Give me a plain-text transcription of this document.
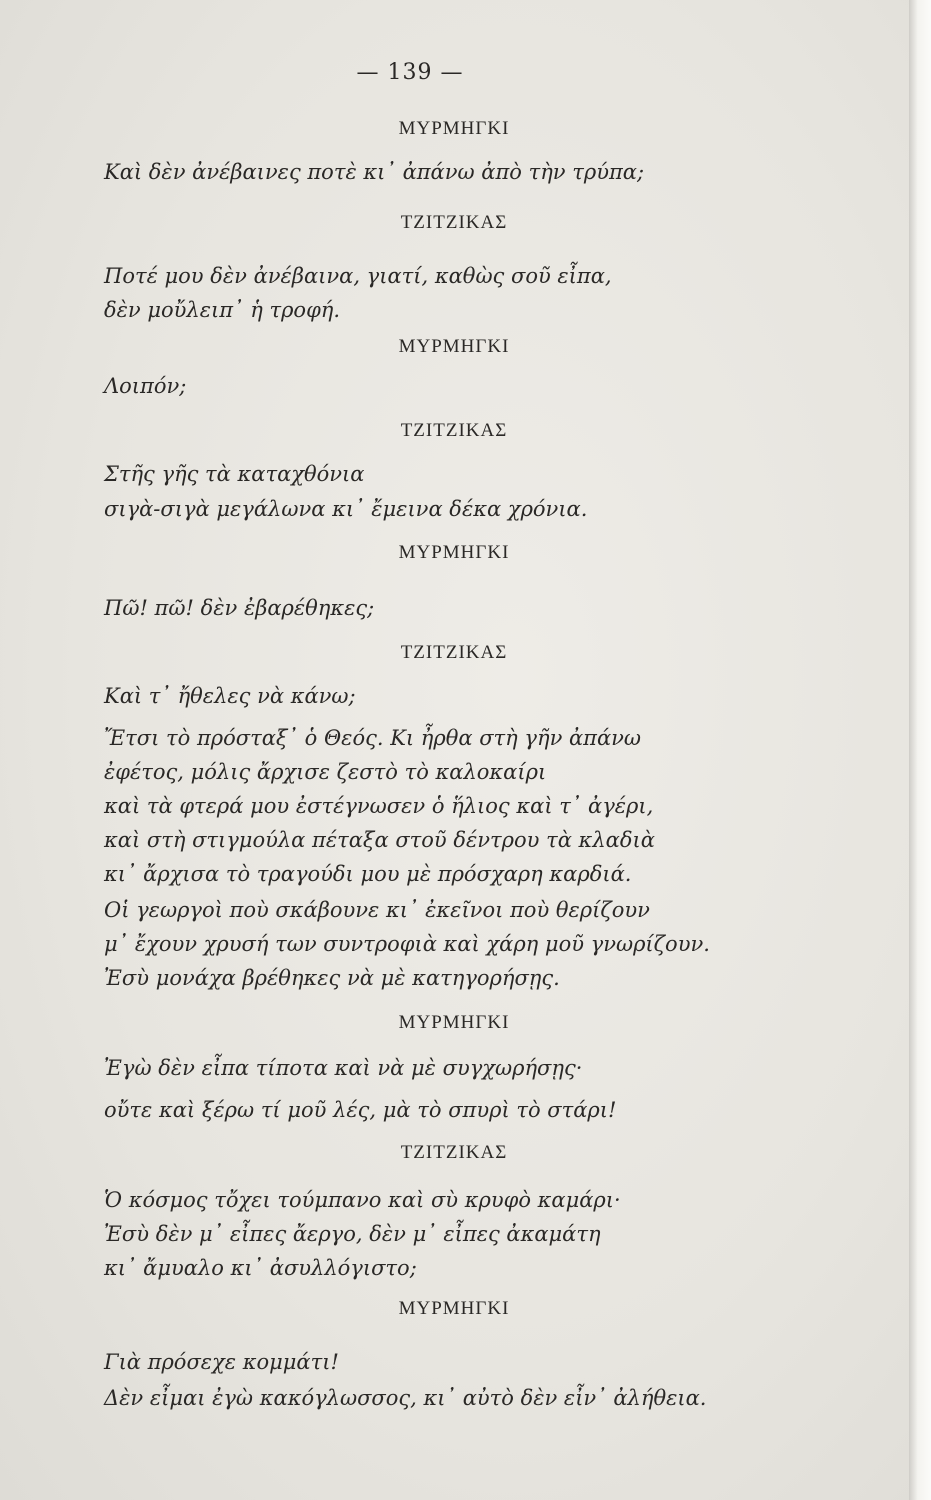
— 139 —
ΜΥΡΜΗΓΚΙ
Καὶ δὲν ἀνέβαινες ποτὲ κι᾽ ἀπάνω ἀπὸ τὴν τρύπα;
ΤΖΙΤΖΙΚΑΣ
Ποτέ μου δὲν ἀνέβαινα, γιατί, καθὼς σοῦ εἶπα,
δὲν μοὔλειπ᾽ ἡ τροφή.
ΜΥΡΜΗΓΚΙ
Λοιπόν;
ΤΖΙΤΖΙΚΑΣ
Στῆς γῆς τὰ καταχθόνια
σιγὰ-σιγὰ μεγάλωνα κι᾽ ἔμεινα δέκα χρόνια.
ΜΥΡΜΗΓΚΙ
Πῶ! πῶ! δὲν ἐβαρέθηκες;
ΤΖΙΤΖΙΚΑΣ
Καὶ τ᾽ ἤθελες νὰ κάνω;
Ἔτσι τὸ πρόσταξ᾽ ὁ Θεός. Κι ἦρθα στὴ γῆν ἀπάνω
ἐφέτος, μόλις ἄρχισε ζεστὸ τὸ καλοκαίρι
καὶ τὰ φτερά μου ἐστέγνωσεν ὁ ἥλιος καὶ τ᾽ ἀγέρι,
καὶ στὴ στιγμούλα πέταξα στοῦ δέντρου τὰ κλαδιὰ
κι᾽ ἄρχισα τὸ τραγούδι μου μὲ πρόσχαρη καρδιά.
Οἱ γεωργοὶ ποὺ σκάβουνε κι᾽ ἐκεῖνοι ποὺ θερίζουν
μ᾽ ἔχουν χρυσή των συντροφιὰ καὶ χάρη μοῦ γνωρίζουν.
Ἐσὺ μονάχα βρέθηκες νὰ μὲ κατηγορήσῃς.
ΜΥΡΜΗΓΚΙ
Ἐγὼ δὲν εἶπα τίποτα καὶ νὰ μὲ συγχωρήσῃς·
οὔτε καὶ ξέρω τί μοῦ λές, μὰ τὸ σπυρὶ τὸ στάρι!
ΤΖΙΤΖΙΚΑΣ
Ὁ κόσμος τὄχει τούμπανο καὶ σὺ κρυφὸ καμάρι·
Ἐσὺ δὲν μ᾽ εἶπες ἄεργο, δὲν μ᾽ εἶπες ἀκαμάτη
κι᾽ ἄμυαλο κι᾽ ἀσυλλόγιστο;
ΜΥΡΜΗΓΚΙ
Γιὰ πρόσεχε κομμάτι!
Δὲν εἶμαι ἐγὼ κακόγλωσσος, κι᾽ αὐτὸ δὲν εἶν᾽ ἀλήθεια.
